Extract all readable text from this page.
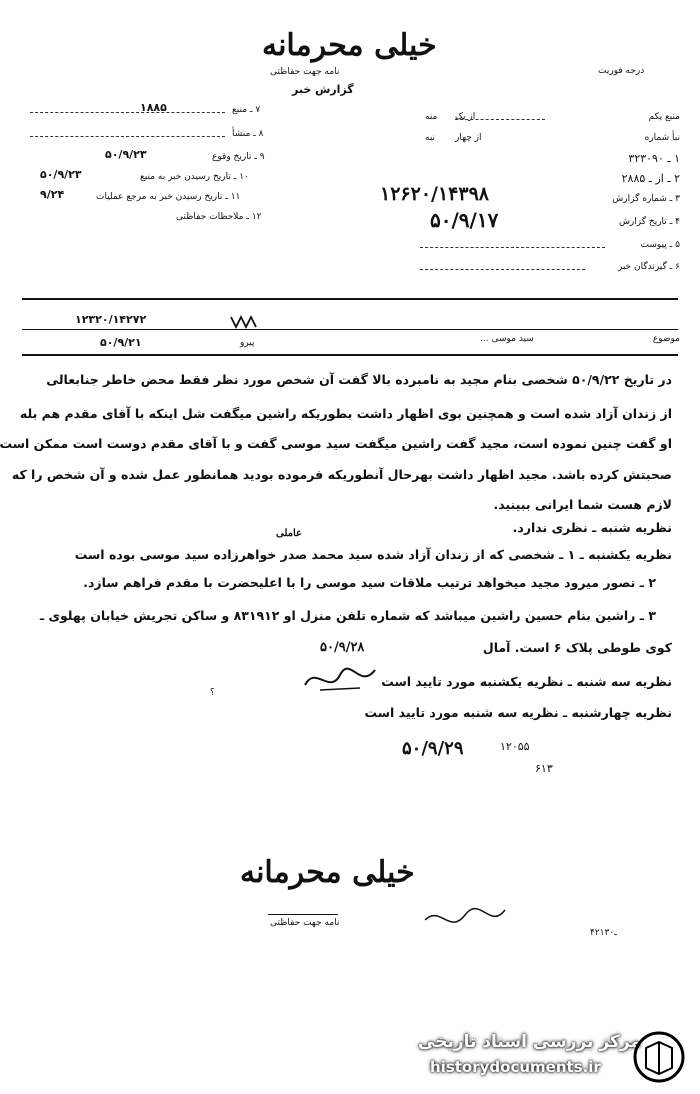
خیلی محرمانه
نامه جهت حفاظتی
گزارش خبر
درجه فوریت
منبع یکم
از یک
منه
نبأ شماره
از چهار
نبه
۱ ـ ۳۲۳۰۹۰
۲ ـ از ـ ۲۸۸۵
۳ ـ شماره گزارش
۱۲۶۲۰/۱۴۳۹۸
۴ ـ تاریخ گزارش
۵۰/۹/۱۷
۵ ـ پیوست
۶ ـ گیرندگان خبر
۷ ـ منبع
۱۸۸۵
۸ ـ منشأ
۹ ـ تاریخ وقوع
۵۰/۹/۲۳
۱۰ ـ تاریخ رسیدن خبر به منبع
۵۰/۹/۲۳
۱۱ ـ تاریخ رسیدن خبر به مرجع عملیات
۹/۲۴
۱۲ ـ ملاحظات حفاظتی
موضوع
سید موسی ...
۱۲۳۲۰/۱۴۲۷۲
۵۰/۹/۲۱	پیرو
در تاریخ ۵۰/۹/۲۲ شخصی بنام مجید به نامبرده بالا گفت آن شخص مورد نظر فقط محض خاطر جنابعالی
از زندان آزاد شده است و همچنین بوی اظهار داشت بطوریکه راشین میگفت شل اینکه با آقای مقدم هم بله
او گفت چنین نموده است، مجید گفت راشین میگفت سید موسی گفت و با آقای مقدم دوست است ممکن است
صحبتش کرده باشد. مجید اظهار داشت بهرحال آنطوریکه فرموده بودید همانطور عمل شده و آن شخص را که
لازم هست شما ایرانی ببینید.
نظریه شنبه ـ نظری ندارد.
عاملی
نظریه یکشنبه ـ ۱ ـ شخصی که از زندان آزاد شده سید محمد صدر خواهرزاده سید موسی بوده است
۲ ـ تصور میرود مجید میخواهد ترتیب ملاقات سید موسی را با اعلیحضرت با مقدم فراهم سازد.
۳ ـ راشین بنام حسین راشین میباشد که شماره تلفن منزل او ۸۳۱۹۱۲ و ساکن تجریش خیابان پهلوی ـ
کوی طوطی پلاک ۶ است. آمال
۵۰/۹/۲۸
نظریه سه شنبه ـ نظریه یکشنبه مورد تایید است
نظریه چهارشنبه ـ نظریه سه شنبه مورد تایید است
۵۰/۹/۲۹	۱۲۰۵۵
۶۱۳
؟
خیلی محرمانه
نامه جهت حفاظتی
۴۲ـ۱۳۰
مرکز بررسی اسناد تاریخی
historydocuments.ir
